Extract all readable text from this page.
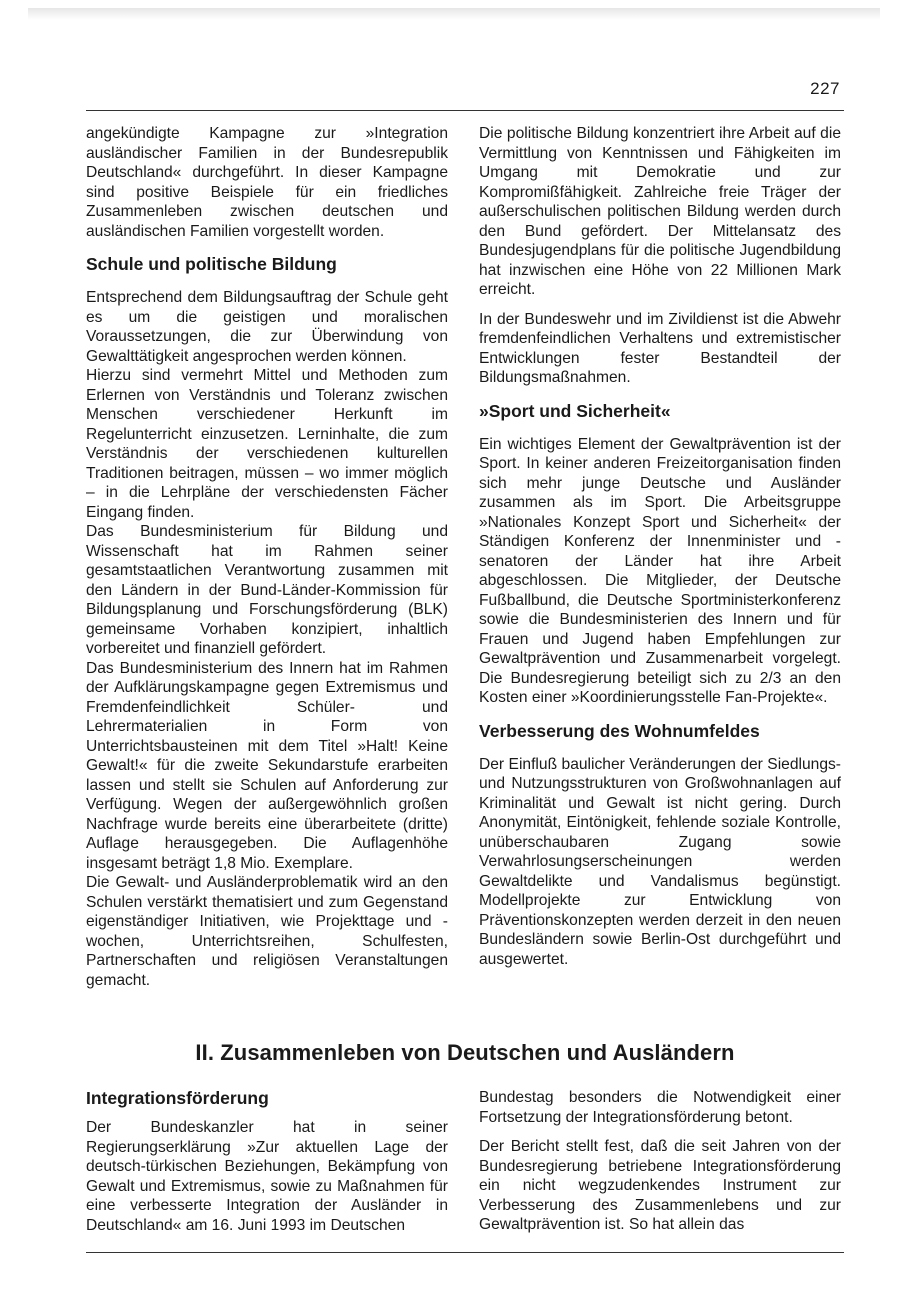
227

angekündigte Kampagne zur »Integration ausländischer Familien in der Bundesrepublik Deutschland« durchgeführt. In dieser Kampagne sind positive Beispiele für ein friedliches Zusammenleben zwischen deutschen und ausländischen Familien vorgestellt worden.

Schule und politische Bildung

Entsprechend dem Bildungsauftrag der Schule geht es um die geistigen und moralischen Voraussetzungen, die zur Überwindung von Gewalttätigkeit angesprochen werden können.

Hierzu sind vermehrt Mittel und Methoden zum Erlernen von Verständnis und Toleranz zwischen Menschen verschiedener Herkunft im Regelunterricht einzusetzen. Lerninhalte, die zum Verständnis der verschiedenen kulturellen Traditionen beitragen, müssen – wo immer möglich – in die Lehrpläne der verschiedensten Fächer Eingang finden.

Das Bundesministerium für Bildung und Wissenschaft hat im Rahmen seiner gesamtstaatlichen Verantwortung zusammen mit den Ländern in der Bund-Länder-Kommission für Bildungsplanung und Forschungsförderung (BLK) gemeinsame Vorhaben konzipiert, inhaltlich vorbereitet und finanziell gefördert.

Das Bundesministerium des Innern hat im Rahmen der Aufklärungskampagne gegen Extremismus und Fremdenfeindlichkeit Schüler- und Lehrermaterialien in Form von Unterrichtsbausteinen mit dem Titel »Halt! Keine Gewalt!« für die zweite Sekundarstufe erarbeiten lassen und stellt sie Schulen auf Anforderung zur Verfügung. Wegen der außergewöhnlich großen Nachfrage wurde bereits eine überarbeitete (dritte) Auflage herausgegeben. Die Auflagenhöhe insgesamt beträgt 1,8 Mio. Exemplare.

Die Gewalt- und Ausländerproblematik wird an den Schulen verstärkt thematisiert und zum Gegenstand eigenständiger Initiativen, wie Projekttage und -wochen, Unterrichtsreihen, Schulfesten, Partnerschaften und religiösen Veranstaltungen gemacht.

Die politische Bildung konzentriert ihre Arbeit auf die Vermittlung von Kenntnissen und Fähigkeiten im Umgang mit Demokratie und zur Kompromißfähigkeit. Zahlreiche freie Träger der außerschulischen politischen Bildung werden durch den Bund gefördert. Der Mittelansatz des Bundesjugendplans für die politische Jugendbildung hat inzwischen eine Höhe von 22 Millionen Mark erreicht.

In der Bundeswehr und im Zivildienst ist die Abwehr fremdenfeindlichen Verhaltens und extremistischer Entwicklungen fester Bestandteil der Bildungsmaßnahmen.

»Sport und Sicherheit«

Ein wichtiges Element der Gewaltprävention ist der Sport. In keiner anderen Freizeitorganisation finden sich mehr junge Deutsche und Ausländer zusammen als im Sport. Die Arbeitsgruppe »Nationales Konzept Sport und Sicherheit« der Ständigen Konferenz der Innenminister und -senatoren der Länder hat ihre Arbeit abgeschlossen. Die Mitglieder, der Deutsche Fußballbund, die Deutsche Sportministerkonferenz sowie die Bundesministerien des Innern und für Frauen und Jugend haben Empfehlungen zur Gewaltprävention und Zusammenarbeit vorgelegt. Die Bundesregierung beteiligt sich zu 2/3 an den Kosten einer »Koordinierungsstelle Fan-Projekte«.

Verbesserung des Wohnumfeldes

Der Einfluß baulicher Veränderungen der Siedlungs- und Nutzungsstrukturen von Großwohnanlagen auf Kriminalität und Gewalt ist nicht gering. Durch Anonymität, Eintönigkeit, fehlende soziale Kontrolle, unüberschaubaren Zugang sowie Verwahrlosungserscheinungen werden Gewaltdelikte und Vandalismus begünstigt. Modellprojekte zur Entwicklung von Präventionskonzepten werden derzeit in den neuen Bundesländern sowie Berlin-Ost durchgeführt und ausgewertet.

II. Zusammenleben von Deutschen und Ausländern
Integrationsförderung

Der Bundeskanzler hat in seiner Regierungserklärung »Zur aktuellen Lage der deutsch-türkischen Beziehungen, Bekämpfung von Gewalt und Extremismus, sowie zu Maßnahmen für eine verbesserte Integration der Ausländer in Deutschland« am 16. Juni 1993 im Deutschen

Bundestag besonders die Notwendigkeit einer Fortsetzung der Integrationsförderung betont.

Der Bericht stellt fest, daß die seit Jahren von der Bundesregierung betriebene Integrationsförderung ein nicht wegzudenkendes Instrument zur Verbesserung des Zusammenlebens und zur Gewaltprävention ist. So hat allein das
